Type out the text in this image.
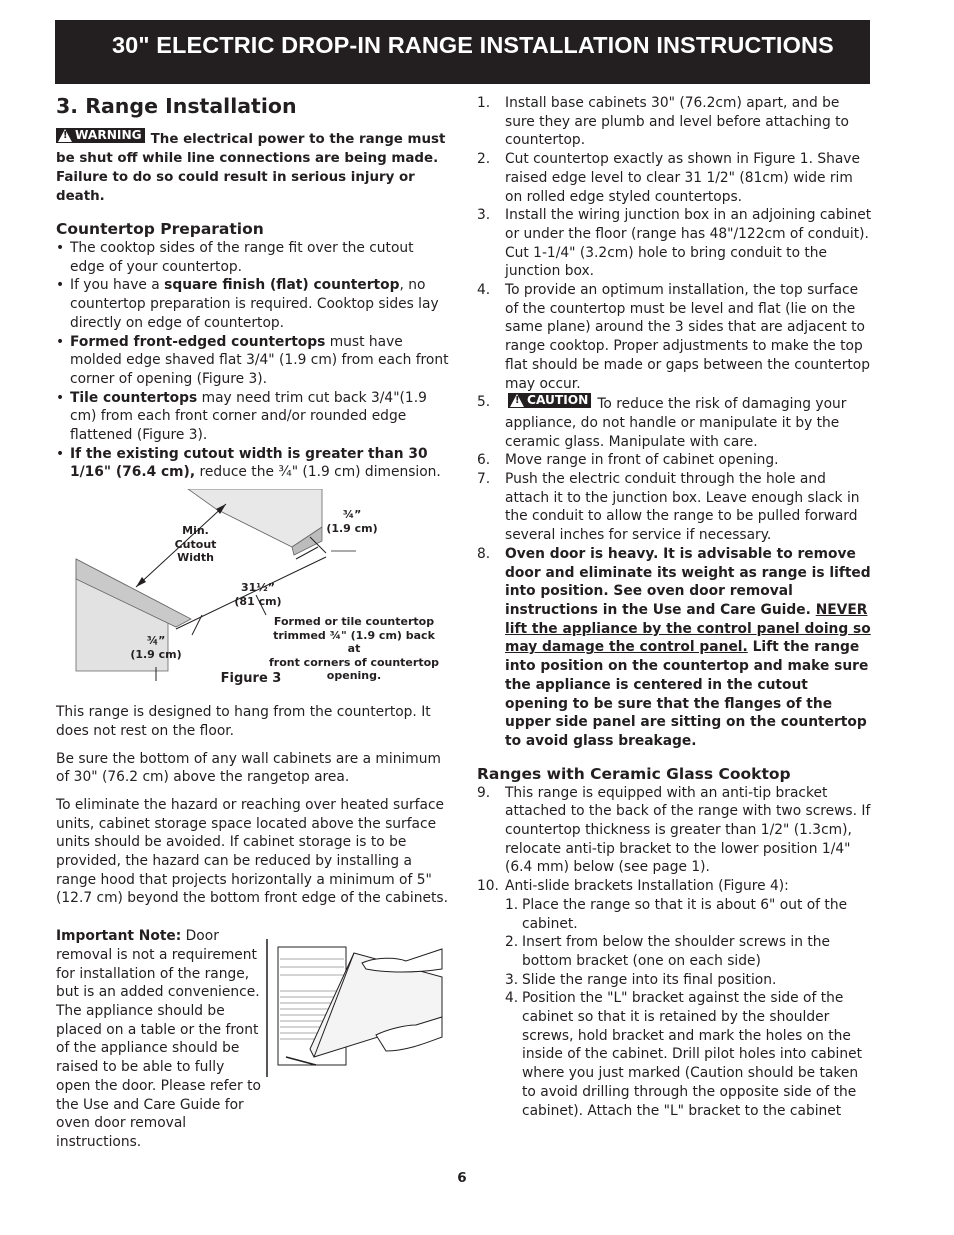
30" ELECTRIC DROP-IN RANGE INSTALLATION INSTRUCTIONS
3. Range Installation
!
WARNING The electrical power to the range must be shut off while line connections are being made. Failure to do so could result in serious injury or death.
Countertop Preparation
• The cooktop sides of the range fit over the cutout edge of your countertop.
• If you have a square finish (flat) countertop, no countertop preparation is required. Cooktop sides lay directly on edge of countertop.
• Formed front-edged countertops must have molded edge shaved flat 3/4" (1.9 cm) from each front corner of opening (Figure 3).
• Tile countertops may need trim cut back 3/4"(1.9 cm) from each front corner and/or rounded edge flattened (Figure 3).
• If the existing cutout width is greater than 30 1/16" (76.4 cm), reduce the ¾" (1.9 cm) dimension.
Min.
Cutout
Width
¾”
(1.9 cm)
31½”
(81 cm)
¾”
(1.9 cm)
Formed or tile countertop
trimmed ¾" (1.9 cm) back at
front corners of countertop
opening.
Figure 3

This range is designed to hang from the countertop. It does not rest on the floor.

Be sure the bottom of any wall cabinets are a minimum of 30" (76.2 cm) above the rangetop area.

To eliminate the hazard or reaching over heated surface units, cabinet storage space located above the surface units should be avoided. If cabinet storage is to be provided, the hazard can be reduced by installing a range hood that projects horizontally a minimum of 5" (12.7 cm) beyond the bottom front edge of the cabinets.

Important Note: Door removal is not a requirement for installation of the range, but is an added convenience. The appliance should be placed on a table or the front of the appliance should be raised to be able to fully open the door. Please refer to the Use and Care Guide for oven door removal instructions.
1. Install base cabinets 30" (76.2cm) apart, and be sure they are plumb and level before attaching to countertop.
2. Cut countertop exactly as shown in Figure 1. Shave raised edge level to clear 31 1/2" (81cm) wide rim on rolled edge styled countertops.
3. Install the wiring junction box in an adjoining cabinet or under the floor (range has 48"/122cm of conduit). Cut 1-1/4" (3.2cm) hole to bring conduit to the junction box.
4. To provide an optimum installation, the top surface of the countertop must be level and flat (lie on the same plane) around the 3 sides that are adjacent to range cooktop. Proper adjustments to make the top flat should be made or gaps between the countertop may occur.
5.
!	CAUTION To reduce the risk of damaging your appliance, do not handle or manipulate it by the ceramic glass. Manipulate with care.
6. Move range in front of cabinet opening.
7. Push the electric conduit through the hole and attach it to the junction box. Leave enough slack in the conduit to allow the range to be pulled forward several inches for service if necessary.
8. Oven door is heavy. It is advisable to remove door and eliminate its weight as range is lifted into position. See oven door removal instructions in the Use and Care Guide. NEVER lift the appliance by the control panel doing so may damage the control panel. Lift the range into position on the countertop and make sure the appliance is centered in the cutout opening to be sure that the flanges of the upper side panel are sitting on the countertop to avoid glass breakage.
Ranges with Ceramic Glass Cooktop
9. This range is equipped with an anti-tip bracket attached to the back of the range with two screws. If countertop thickness is greater than 1/2" (1.3cm), relocate anti-tip bracket to the lower position 1/4" (6.4 mm) below (see page 1).
10. Anti-slide brackets Installation (Figure 4):
1. Place the range so that it is about 6" out of the cabinet.
2. Insert from below the shoulder screws in the bottom bracket (one on each side)
3. Slide the range into its final position.
4. Position the "L" bracket against the side of the cabinet so that it is retained by the shoulder screws, hold bracket and mark the holes on the inside of the cabinet. Drill pilot holes into cabinet where you just marked (Caution should be taken to avoid drilling through the opposite side of the cabinet). Attach the "L" bracket to the cabinet
6
